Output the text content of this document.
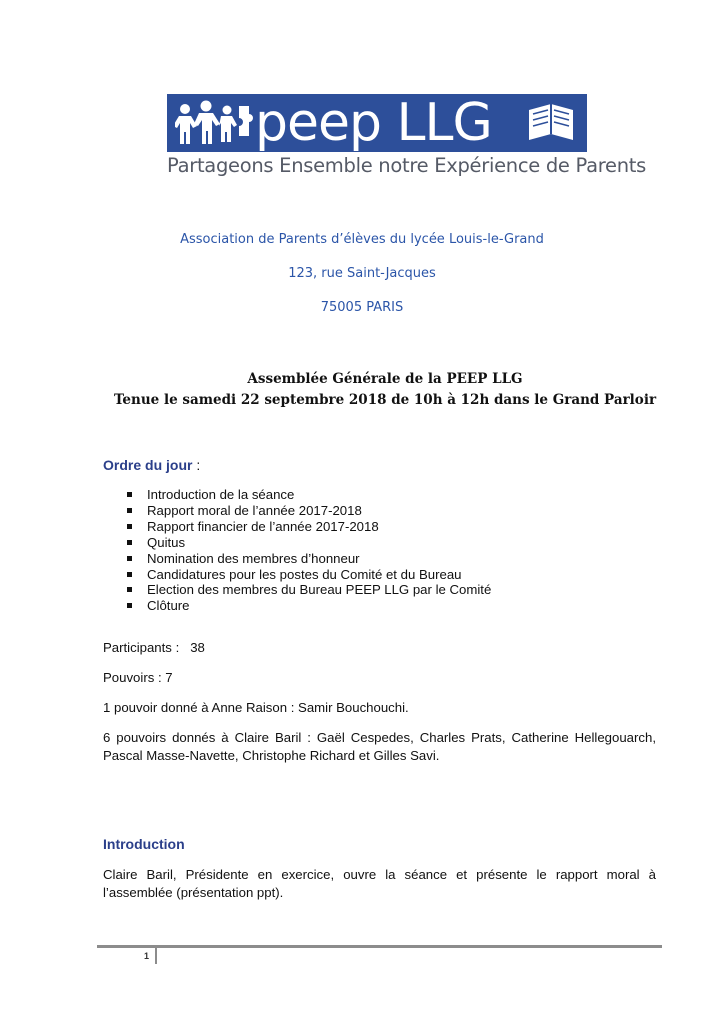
peep LLG
Partageons Ensemble notre Expérience de Parents
Association de Parents d’élèves du lycée Louis-le-Grand
123, rue Saint-Jacques
75005 PARIS
Assemblée Générale de la PEEP LLG
Tenue le samedi 22 septembre 2018 de 10h à 12h dans le Grand Parloir
Ordre du jour :
Introduction de la séance
Rapport moral de l’année 2017-2018
Rapport financier de l’année 2017-2018
Quitus
Nomination des membres d’honneur
Candidatures pour les postes du Comité et du Bureau
Election des membres du Bureau PEEP LLG par le Comité
Clôture
Participants :   38
Pouvoirs : 7
1 pouvoir donné à Anne Raison : Samir Bouchouchi.
6 pouvoirs donnés à Claire Baril : Gaël Cespedes, Charles Prats, Catherine Hellegouarch, Pascal Masse-Navette, Christophe Richard et Gilles Savi.
Introduction
Claire Baril, Présidente en exercice, ouvre la séance et présente le rapport moral à l’assemblée (présentation ppt).
1
